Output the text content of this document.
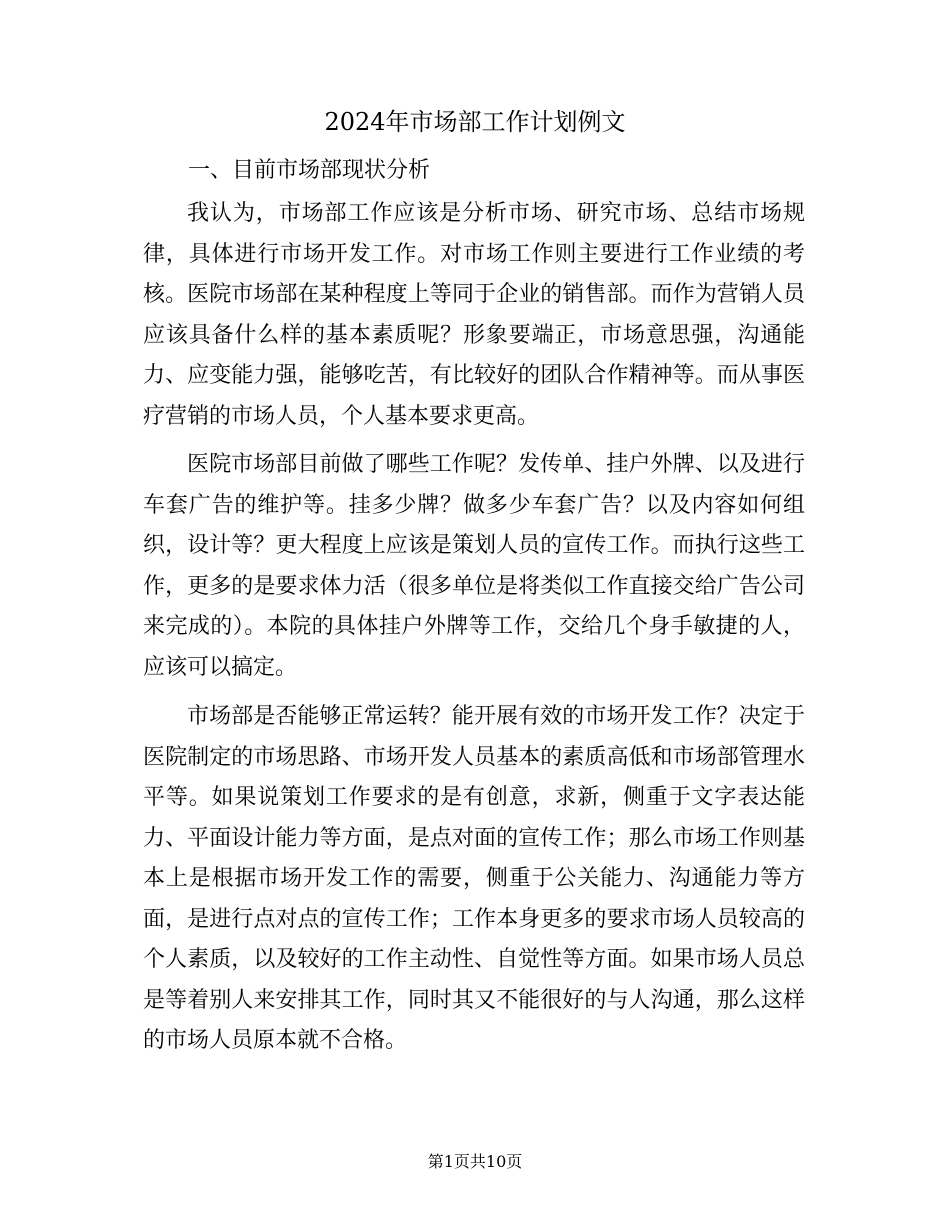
2024年市场部工作计划例文
一、目前市场部现状分析

我认为，市场部工作应该是分析市场、研究市场、总结市场规律，具体进行市场开发工作。对市场工作则主要进行工作业绩的考核。医院市场部在某种程度上等同于企业的销售部。而作为营销人员应该具备什么样的基本素质呢？形象要端正，市场意思强，沟通能力、应变能力强，能够吃苦，有比较好的团队合作精神等。而从事医疗营销的市场人员，个人基本要求更高。

医院市场部目前做了哪些工作呢？发传单、挂户外牌、以及进行车套广告的维护等。挂多少牌？做多少车套广告？以及内容如何组织，设计等？更大程度上应该是策划人员的宣传工作。而执行这些工作，更多的是要求体力活（很多单位是将类似工作直接交给广告公司来完成的）。本院的具体挂户外牌等工作，交给几个身手敏捷的人，应该可以搞定。

市场部是否能够正常运转？能开展有效的市场开发工作？决定于医院制定的市场思路、市场开发人员基本的素质高低和市场部管理水平等。如果说策划工作要求的是有创意，求新，侧重于文字表达能力、平面设计能力等方面，是点对面的宣传工作；那么市场工作则基本上是根据市场开发工作的需要，侧重于公关能力、沟通能力等方面，是进行点对点的宣传工作；工作本身更多的要求市场人员较高的个人素质，以及较好的工作主动性、自觉性等方面。如果市场人员总是等着别人来安排其工作，同时其又不能很好的与人沟通，那么这样的市场人员原本就不合格。

第1页共10页
